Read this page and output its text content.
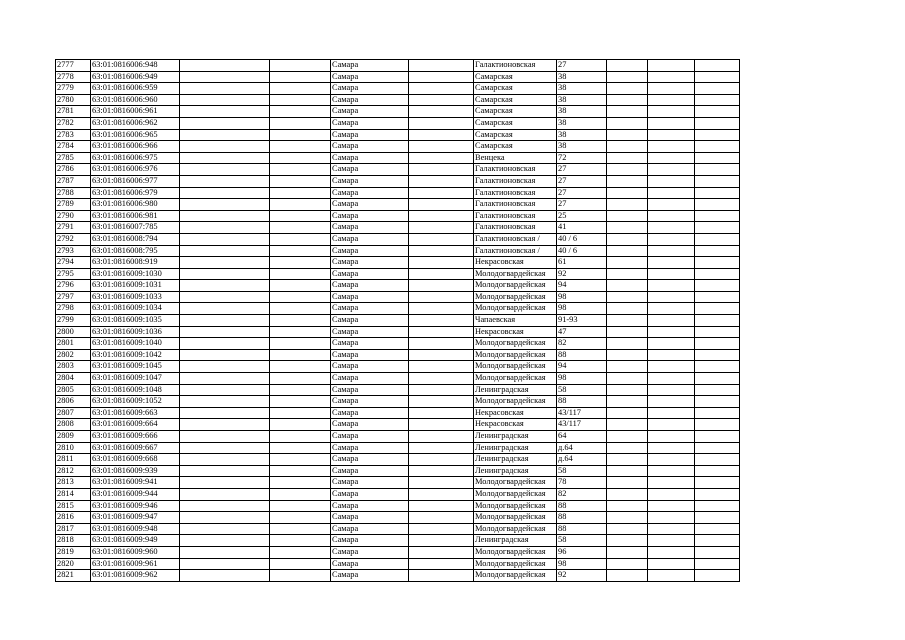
2777	63:01:0816006:948			Самара		Галактионовская	27			
2778	63:01:0816006:949			Самара		Самарская	38			
2779	63:01:0816006:959			Самара		Самарская	38			
2780	63:01:0816006:960			Самара		Самарская	38			
2781	63:01:0816006:961			Самара		Самарская	38			
2782	63:01:0816006:962			Самара		Самарская	38			
2783	63:01:0816006:965			Самара		Самарская	38			
2784	63:01:0816006:966			Самара		Самарская	38			
2785	63:01:0816006:975			Самара		Венцека	72			
2786	63:01:0816006:976			Самара		Галактионовская	27			
2787	63:01:0816006:977			Самара		Галактионовская	27			
2788	63:01:0816006:979			Самара		Галактионовская	27			
2789	63:01:0816006:980			Самара		Галактионовская	27			
2790	63:01:0816006:981			Самара		Галактионовская	25			
2791	63:01:0816007:785			Самара		Галактионовская	41			
2792	63:01:0816008:794			Самара		Галактионовская /	40 / 6			
2793	63:01:0816008:795			Самара		Галактионовская /	40 / 6			
2794	63:01:0816008:919			Самара		Некрасовская	61			
2795	63:01:0816009:1030			Самара		Молодогвардейская	92			
2796	63:01:0816009:1031			Самара		Молодогвардейская	94			
2797	63:01:0816009:1033			Самара		Молодогвардейская	98			
2798	63:01:0816009:1034			Самара		Молодогвардейская	98			
2799	63:01:0816009:1035			Самара		Чапаевская	91-93			
2800	63:01:0816009:1036			Самара		Некрасовская	47			
2801	63:01:0816009:1040			Самара		Молодогвардейская	82			
2802	63:01:0816009:1042			Самара		Молодогвардейская	88			
2803	63:01:0816009:1045			Самара		Молодогвардейская	94			
2804	63:01:0816009:1047			Самара		Молодогвардейская	98			
2805	63:01:0816009:1048			Самара		Ленинградская	58			
2806	63:01:0816009:1052			Самара		Молодогвардейская	88			
2807	63:01:0816009:663			Самара		Некрасовская	43/117			
2808	63:01:0816009:664			Самара		Некрасовская	43/117			
2809	63:01:0816009:666			Самара		Ленинградская	64			
2810	63:01:0816009:667			Самара		Ленинградская	д.64			
2811	63:01:0816009:668			Самара		Ленинградская	д.64			
2812	63:01:0816009:939			Самара		Ленинградская	58			
2813	63:01:0816009:941			Самара		Молодогвардейская	78			
2814	63:01:0816009:944			Самара		Молодогвардейская	82			
2815	63:01:0816009:946			Самара		Молодогвардейская	88			
2816	63:01:0816009:947			Самара		Молодогвардейская	88			
2817	63:01:0816009:948			Самара		Молодогвардейская	88			
2818	63:01:0816009:949			Самара		Ленинградская	58			
2819	63:01:0816009:960			Самара		Молодогвардейская	96			
2820	63:01:0816009:961			Самара		Молодогвардейская	98			
2821	63:01:0816009:962			Самара		Молодогвардейская	92			
